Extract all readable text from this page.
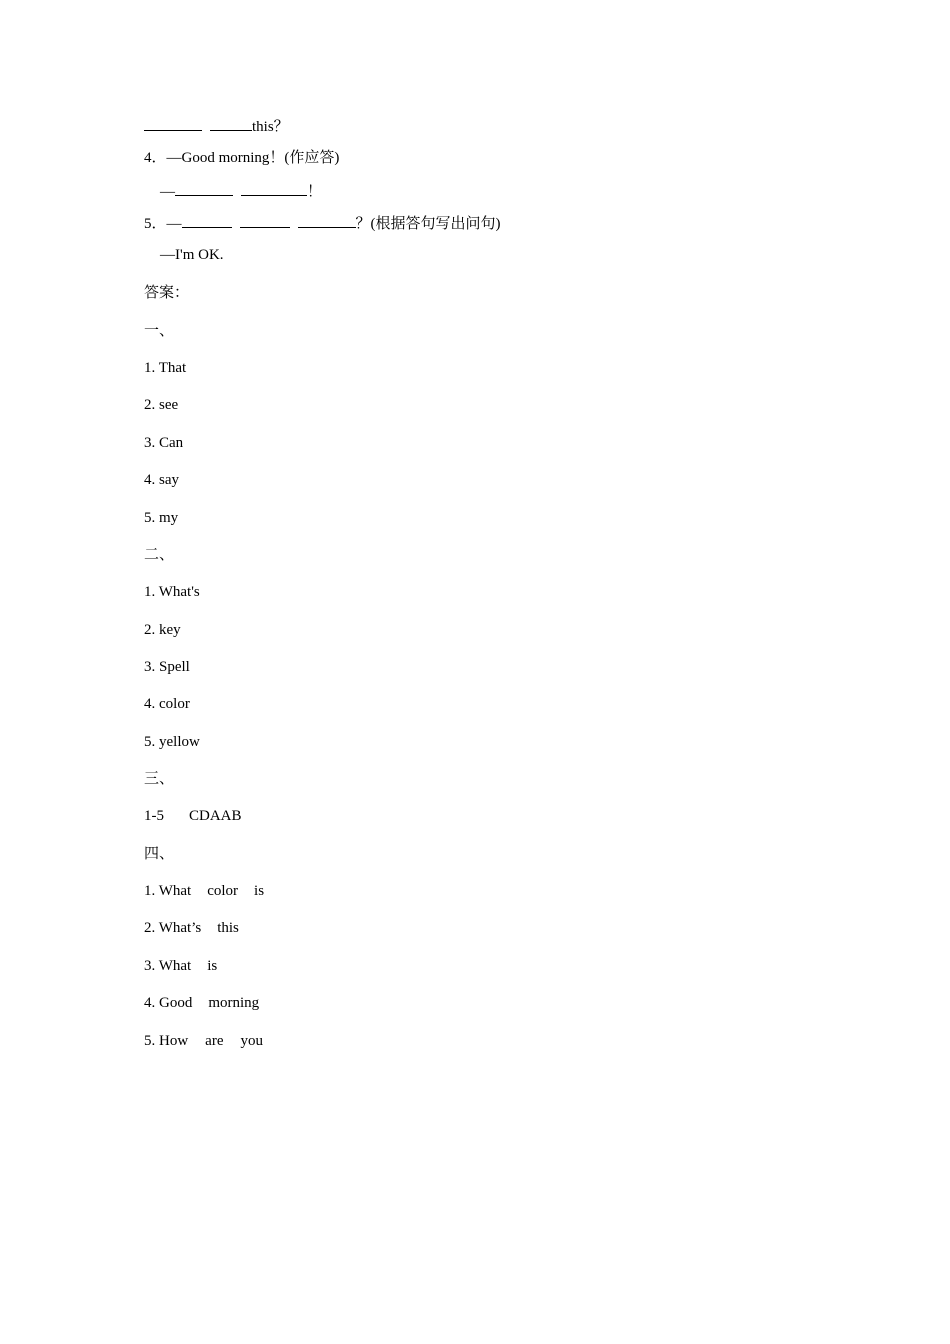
this？
4．—Good morning！(作应答)
—	！
5．—	？(根据答句写出问句)
—I'm OK.
答案：
一、
1. That
2. see
3. Can
4. say
5. my
二、
1. What's
2. key
3. Spell
4. color
5. yellow
三、
1-5 CDAAB
四、
1. What color is
2. What’s this
3. What is
4. Good morning
5. How are you
